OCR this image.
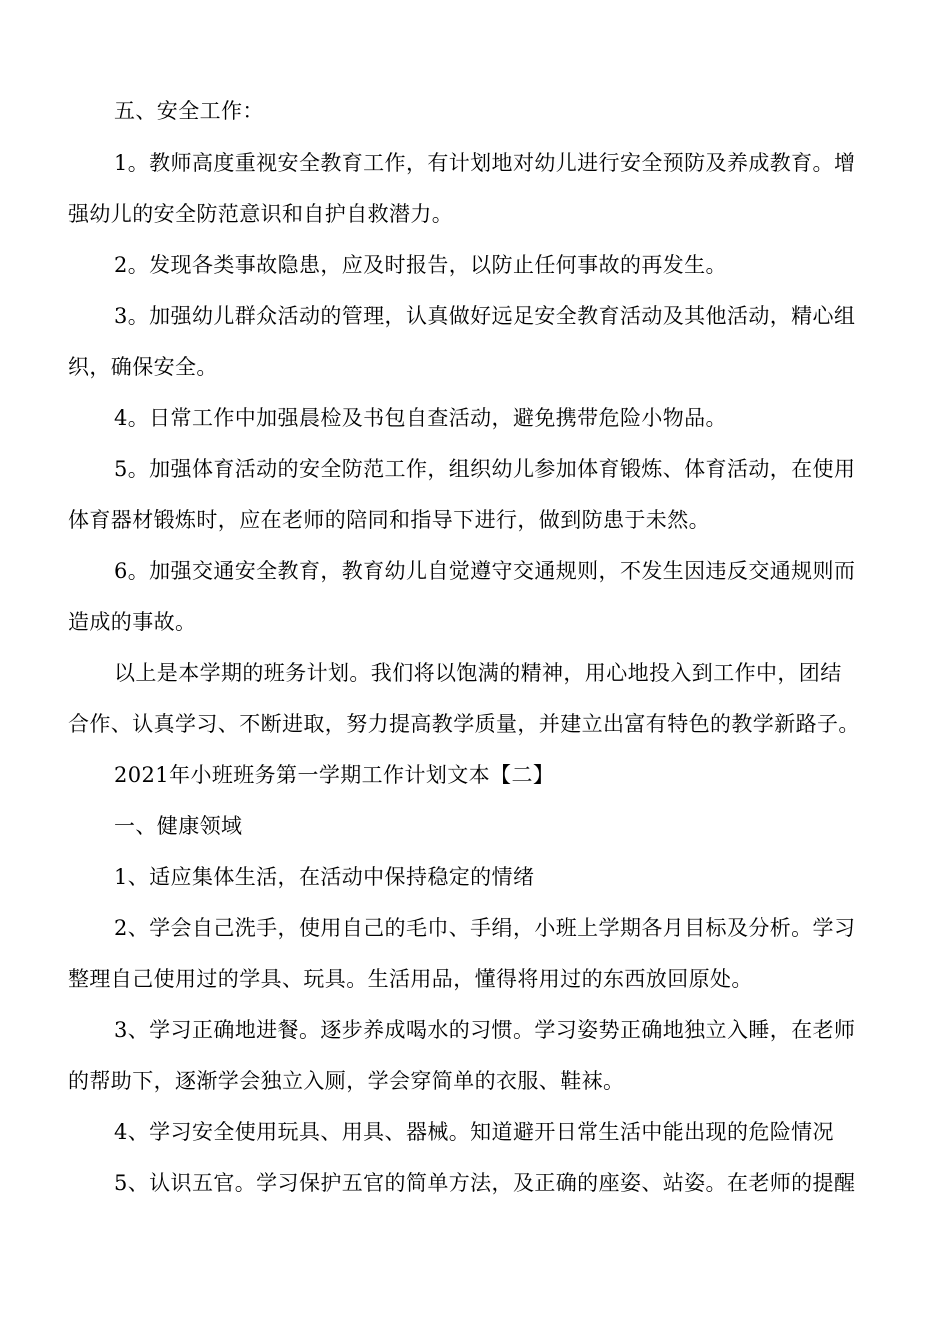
五、安全工作：
1。教师高度重视安全教育工作，有计划地对幼儿进行安全预防及养成教育。增
强幼儿的安全防范意识和自护自救潜力。
2。发现各类事故隐患，应及时报告，以防止任何事故的再发生。
3。加强幼儿群众活动的管理，认真做好远足安全教育活动及其他活动，精心组
织，确保安全。
4。日常工作中加强晨检及书包自查活动，避免携带危险小物品。
5。加强体育活动的安全防范工作，组织幼儿参加体育锻炼、体育活动，在使用
体育器材锻炼时，应在老师的陪同和指导下进行，做到防患于未然。
6。加强交通安全教育，教育幼儿自觉遵守交通规则，不发生因违反交通规则而
造成的事故。
以上是本学期的班务计划。我们将以饱满的精神，用心地投入到工作中，团结
合作、认真学习、不断进取，努力提高教学质量，并建立出富有特色的教学新路子。
2021年小班班务第一学期工作计划文本【二】
一、健康领域
1、适应集体生活，在活动中保持稳定的情绪
2、学会自己洗手，使用自己的毛巾、手绢，小班上学期各月目标及分析。学习
整理自己使用过的学具、玩具。生活用品，懂得将用过的东西放回原处。
3、学习正确地进餐。逐步养成喝水的习惯。学习姿势正确地独立入睡，在老师
的帮助下，逐渐学会独立入厕，学会穿简单的衣服、鞋袜。
4、学习安全使用玩具、用具、器械。知道避开日常生活中能出现的危险情况
5、认识五官。学习保护五官的简单方法，及正确的座姿、站姿。在老师的提醒
